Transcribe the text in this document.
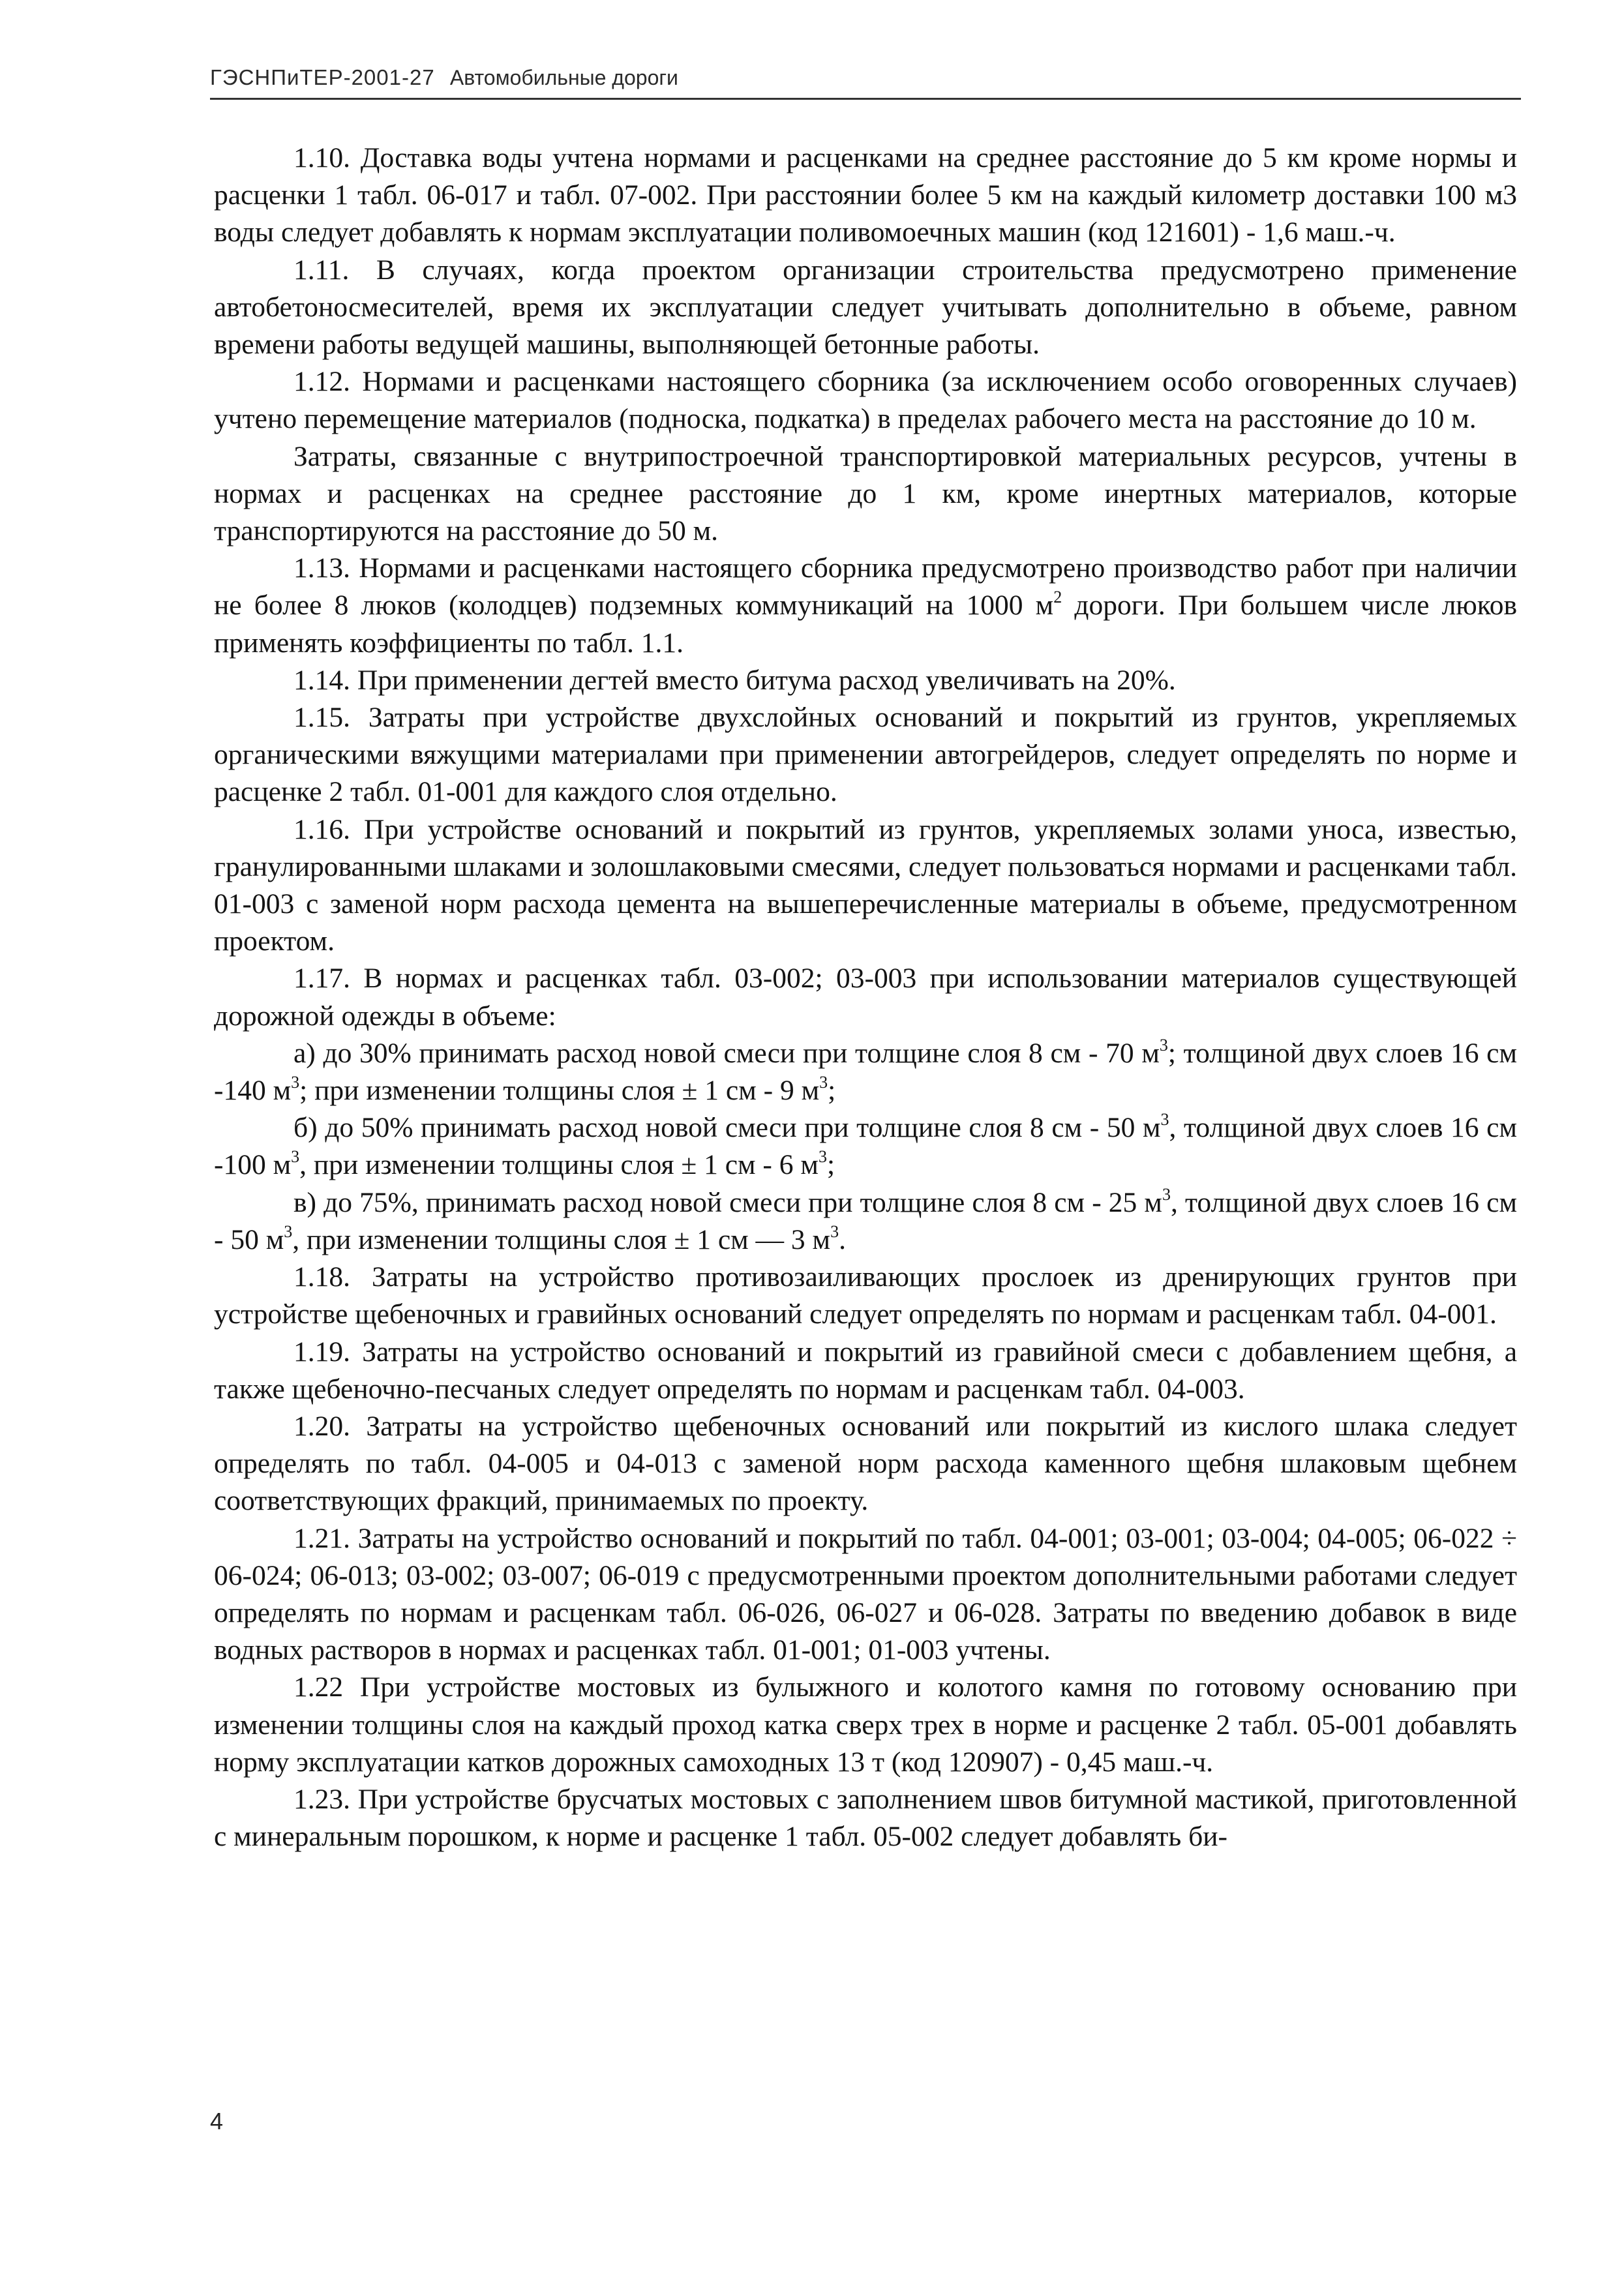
ГЭСНПиТЕР-2001-27 Автомобильные дороги

1.10. Доставка воды учтена нормами и расценками на среднее расстояние до 5 км кроме нормы и расценки 1 табл. 06-017 и табл. 07-002. При расстоянии более 5 км на каждый километр доставки 100 м3 воды следует добавлять к нормам эксплуатации поливомоечных машин (код 121601) - 1,6 маш.-ч.

1.11. В случаях, когда проектом организации строительства предусмотрено применение автобетоносмесителей, время их эксплуатации следует учитывать дополнительно в объеме, равном времени работы ведущей машины, выполняющей бетонные работы.

1.12. Нормами и расценками настоящего сборника (за исключением особо оговоренных случаев) учтено перемещение материалов (подноска, подкатка) в пределах рабочего места на расстояние до 10 м.

Затраты, связанные с внутрипостроечной транспортировкой материальных ресурсов, учтены в нормах и расценках на среднее расстояние до 1 км, кроме инертных материалов, которые транспортируются на расстояние до 50 м.

1.13. Нормами и расценками настоящего сборника предусмотрено производство работ при наличии не более 8 люков (колодцев) подземных коммуникаций на 1000 $м^2$ дороги. При большем числе люков применять коэффициенты по табл. 1.1.

1.14. При применении дегтей вместо битума расход увеличивать на 20%.

1.15. Затраты при устройстве двухслойных оснований и покрытий из грунтов, укрепляемых органическими вяжущими материалами при применении автогрейдеров, следует определять по норме и расценке 2 табл. 01-001 для каждого слоя отдельно.

1.16. При устройстве оснований и покрытий из грунтов, укрепляемых золами уноса, известью, гранулированными шлаками и золошлаковыми смесями, следует пользоваться нормами и расценками табл. 01-003 с заменой норм расхода цемента на вышеперечисленные материалы в объеме, предусмотренном проектом.

1.17. В нормах и расценках табл. 03-002; 03-003 при использовании материалов существующей дорожной одежды в объеме:

а) до 30% принимать расход новой смеси при толщине слоя 8 см - 70 $м^3$; толщиной двух слоев 16 см -140 $м^3$; при изменении толщины слоя ± 1 см - 9 $м^3$;

б) до 50% принимать расход новой смеси при толщине слоя 8 см - 50 $м^3$, толщиной двух слоев 16 см -100 $м^3$, при изменении толщины слоя ± 1 см - 6 $м^3$;

в) до 75%, принимать расход новой смеси при толщине слоя 8 см - 25 $м^3$, толщиной двух слоев 16 см - 50 $м^3$, при изменении толщины слоя ± 1 см — 3 $м^3$.

1.18. Затраты на устройство противозаиливающих прослоек из дренирующих грунтов при устройстве щебеночных и гравийных оснований следует определять по нормам и расценкам табл. 04-001.

1.19. Затраты на устройство оснований и покрытий из гравийной смеси с добавлением щебня, а также щебеночно-песчаных следует определять по нормам и расценкам табл. 04-003.

1.20. Затраты на устройство щебеночных оснований или покрытий из кислого шлака следует определять по табл. 04-005 и 04-013 с заменой норм расхода каменного щебня шлаковым щебнем соответствующих фракций, принимаемых по проекту.

1.21. Затраты на устройство оснований и покрытий по табл. 04-001; 03-001; 03-004; 04-005; 06-022 ÷ 06-024; 06-013; 03-002; 03-007; 06-019 с предусмотренными проектом дополнительными работами следует определять по нормам и расценкам табл. 06-026, 06-027 и 06-028. Затраты по введению добавок в виде водных растворов в нормах и расценках табл. 01-001; 01-003 учтены.

1.22 При устройстве мостовых из булыжного и колотого камня по готовому основанию при изменении толщины слоя на каждый проход катка сверх трех в норме и расценке 2 табл. 05-001 добавлять норму эксплуатации катков дорожных самоходных 13 т (код 120907) - 0,45 маш.-ч.

1.23. При устройстве брусчатых мостовых с заполнением швов битумной мастикой, приготовленной с минеральным порошком, к норме и расценке 1 табл. 05-002 следует добавлять би-

4
